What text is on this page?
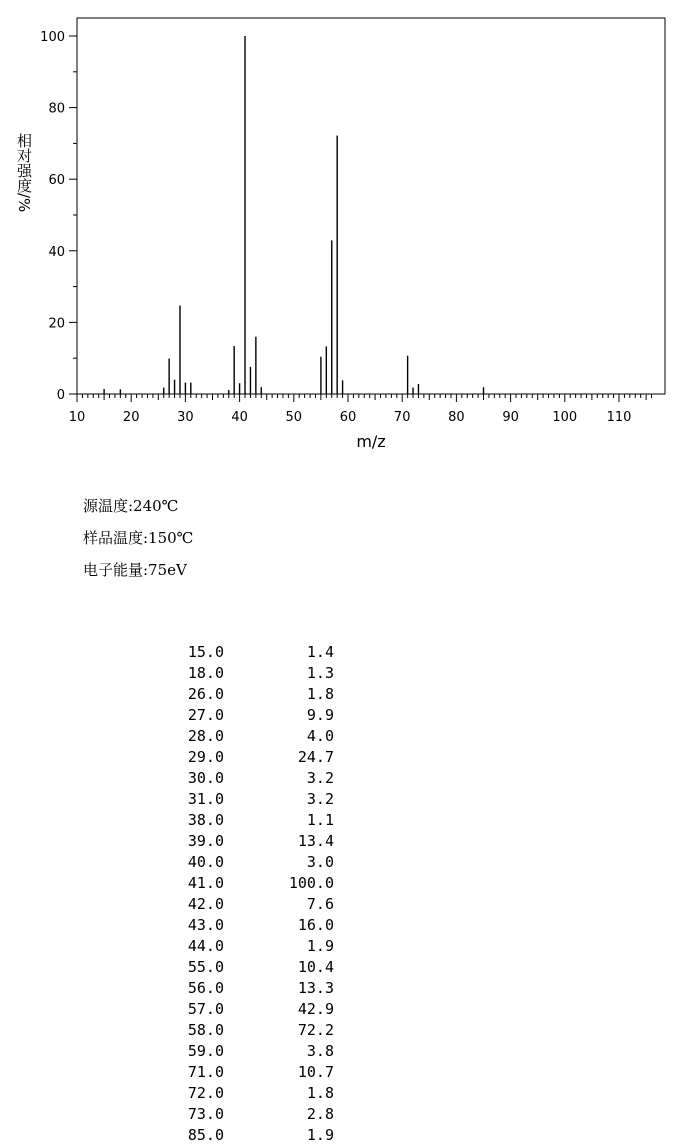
10	20	30	40	50	60	70	80	90	100 110
0
20
40
60
80
100
m/z
相对强度/%
源温度:240℃
样品温度:150℃
电子能量:75eV
15.0	1.4
18.0	1.3
26.0	1.8
27.0	9.9
28.0	4.0
29.0	24.7
30.0	3.2
31.0	3.2
38.0	1.1
39.0	13.4
40.0	3.0
41.0	100.0
42.0	7.6
43.0	16.0
44.0	1.9
55.0	10.4
56.0	13.3
57.0	42.9
58.0	72.2
59.0	3.8
71.0	10.7
72.0	1.8
73.0	2.8
85.0	1.9
